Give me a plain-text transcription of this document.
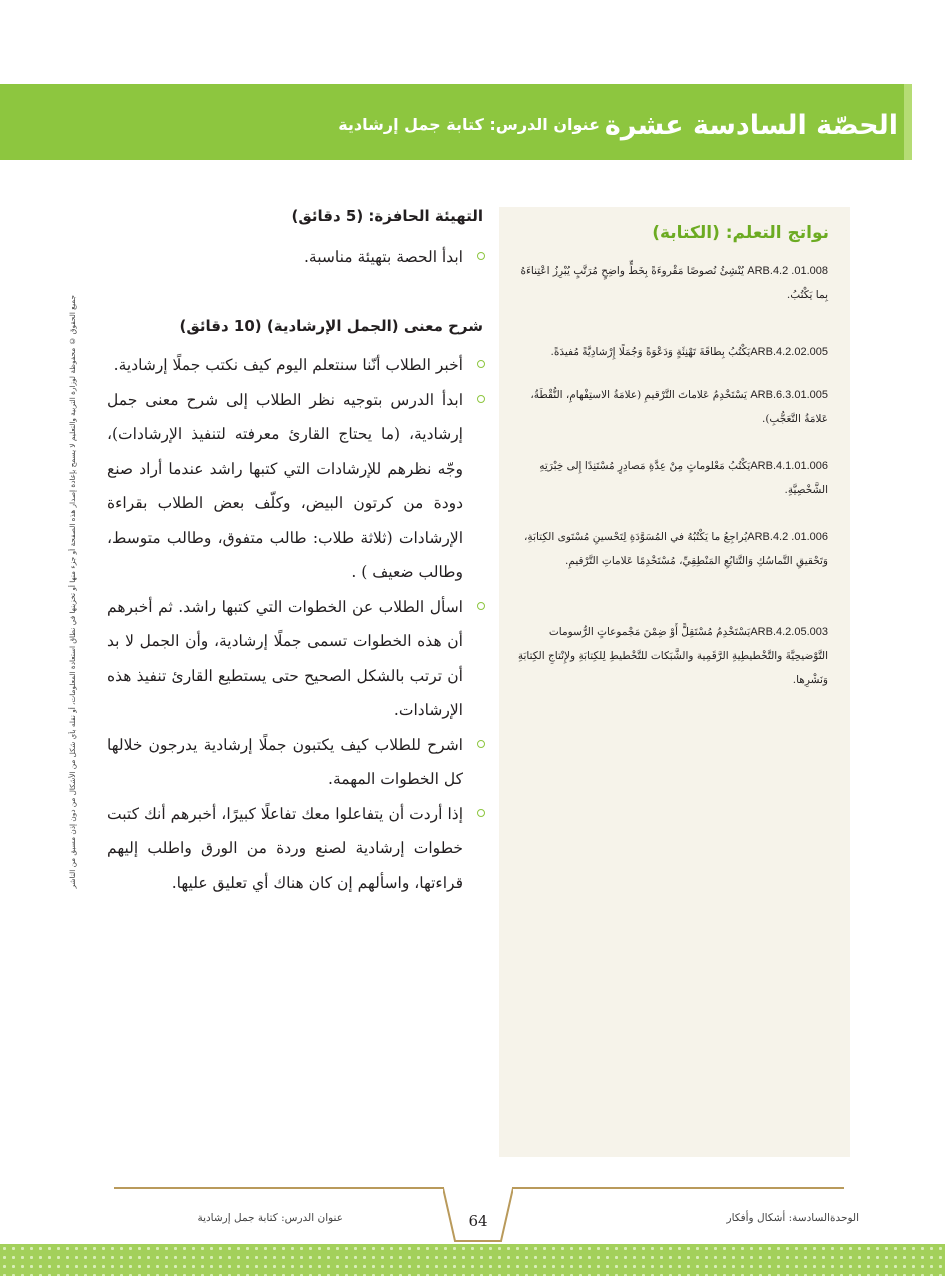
الحصّة السادسة عشرة
عنوان الدرس: كتابة جمل إرشادية
جميع الحقوق © محفوظة لوزارة التربية والتعليم لا يسمح بإعادة إصدار هذه الصفحة أو جزء منها أو تخزينها في نطاق استعادة المعلومات، أو نقله بأي شكل من الأشكال من دون إذن مسبق من الناشر
نواتج التعلم: (الكتابة)
ARB.4.2 .01.008 يُنْشِئُ نُصوصًا مَقْروءَةً بِخَطٍّ واضِحٍ مُرَتَّبٍ يُبْرِزُ اعْتِناءَهُ بِما يَكْتُبُ.
ARB.4.2.02.005يَكْتُبُ بِطاقَةَ تَهْنِئَةٍ وَدَعْوَةً وَجُمَلًا إِرْشادِيَّةً مُفيدَةً.
ARB.6.3.01.005 يَسْتَخْدِمُ عَلاماتَ التَّرْقيمِ (علامَةُ الاستِفْهامِ، النُّقْطَةُ، عَلامَةُ التَّعَجُّبِ).
ARB.4.1.01.006يَكْتُبُ مَعْلوماتٍ مِنْ عِدَّةِ مَصادِرٍ مُسْتَنِدًا إِلى خِبْرَتِهِ الشَّخْصِيَّةِ.
ARB.4.2 .01.006يُراجِعُ ما يَكْتُبُهُ في المُسَوَّدَةِ لِتَحْسينِ مُسْتَوى الكِتابَةِ، وَتَحْقيقِ التَّماسُكِ وَالتَّتابُعِ المَنْطِقِيِّ، مُسْتَخْدِمًا عَلاماتِ التَّرْقيمِ.
ARB.4.2.05.003يَسْتَخْدِمُ مُسْتَقِلًّ أَوْ ضِمْنَ مَجْموعاتٍ الرُّسومات التَّوْضيحِيَّةَ والتَّخْطيطِيةِ الرَّقَمِية والشَّبَكات للتَّخْطيطِ لِلكِتابَةِ ولإِنْتاجِ الكِتابَةِ وَنَشْرِها.
التهيئة الحافزة: (5 دقائق)
ابدأ الحصة بتهيئة مناسبة.
شرح معنى (الجمل الإرشادية) (10 دقائق)
أخبر الطلاب أنّنا سنتعلم اليوم كيف نكتب جملًا إرشادية.
ابدأ الدرس بتوجيه نظر الطلاب إلى شرح معنى جمل إرشادية، (ما يحتاج القارئ معرفته لتنفيذ الإرشادات)، وجّه نظرهم للإرشادات التي كتبها راشد عندما أراد صنع دودة من كرتون البيض، وكلّف بعض الطلاب بقراءة الإرشادات (ثلاثة طلاب: طالب متفوق، وطالب متوسط، وطالب ضعيف ) .
اسأل الطلاب عن الخطوات التي كتبها راشد. ثم أخبرهم أن هذه الخطوات تسمى جملًا إرشادية، وأن الجمل لا بد أن ترتب بالشكل الصحيح حتى يستطيع القارئ تنفيذ هذه الإرشادات.
اشرح للطلاب كيف يكتبون جملًا إرشادية يدرجون خلالها كل الخطوات المهمة.
إذا أردت أن يتفاعلوا معك تفاعلًا كبيرًا، أخبرهم أنك كتبت خطوات إرشادية لصنع وردة من الورق واطلب إليهم قراءتها، واسألهم إن كان هناك أي تعليق عليها.
64	الوحدةالسادسة: أشكال وأفكار
عنوان الدرس: كتابة جمل إرشادية
